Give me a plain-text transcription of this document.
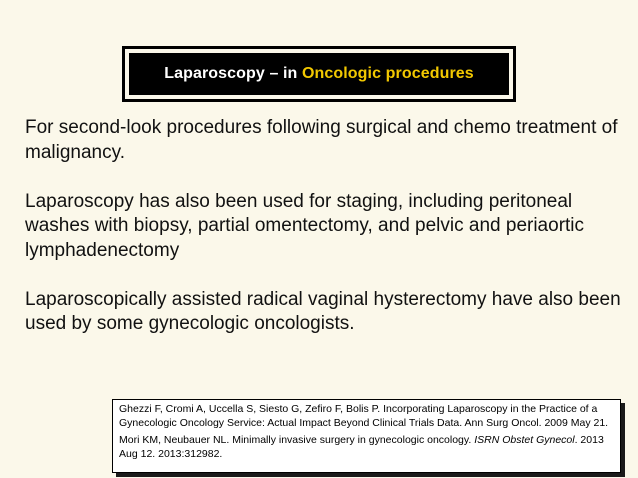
Laparoscopy – in Oncologic procedures

For second-look procedures following surgical and chemo treatment of malignancy.

Laparoscopy has also been used for staging, including peritoneal washes with biopsy, partial omentectomy, and pelvic and periaortic lymphadenectomy

Laparoscopically assisted radical vaginal hysterectomy have also been used by some gynecologic oncologists.

Ghezzi F, Cromi A, Uccella S, Siesto G, Zefiro F, Bolis P. Incorporating Laparoscopy in the Practice of a Gynecologic Oncology Service: Actual Impact Beyond Clinical Trials Data. Ann Surg Oncol. 2009 May 21.

Mori KM, Neubauer NL. Minimally invasive surgery in gynecologic oncology. ISRN Obstet Gynecol. 2013 Aug 12. 2013:312982.
